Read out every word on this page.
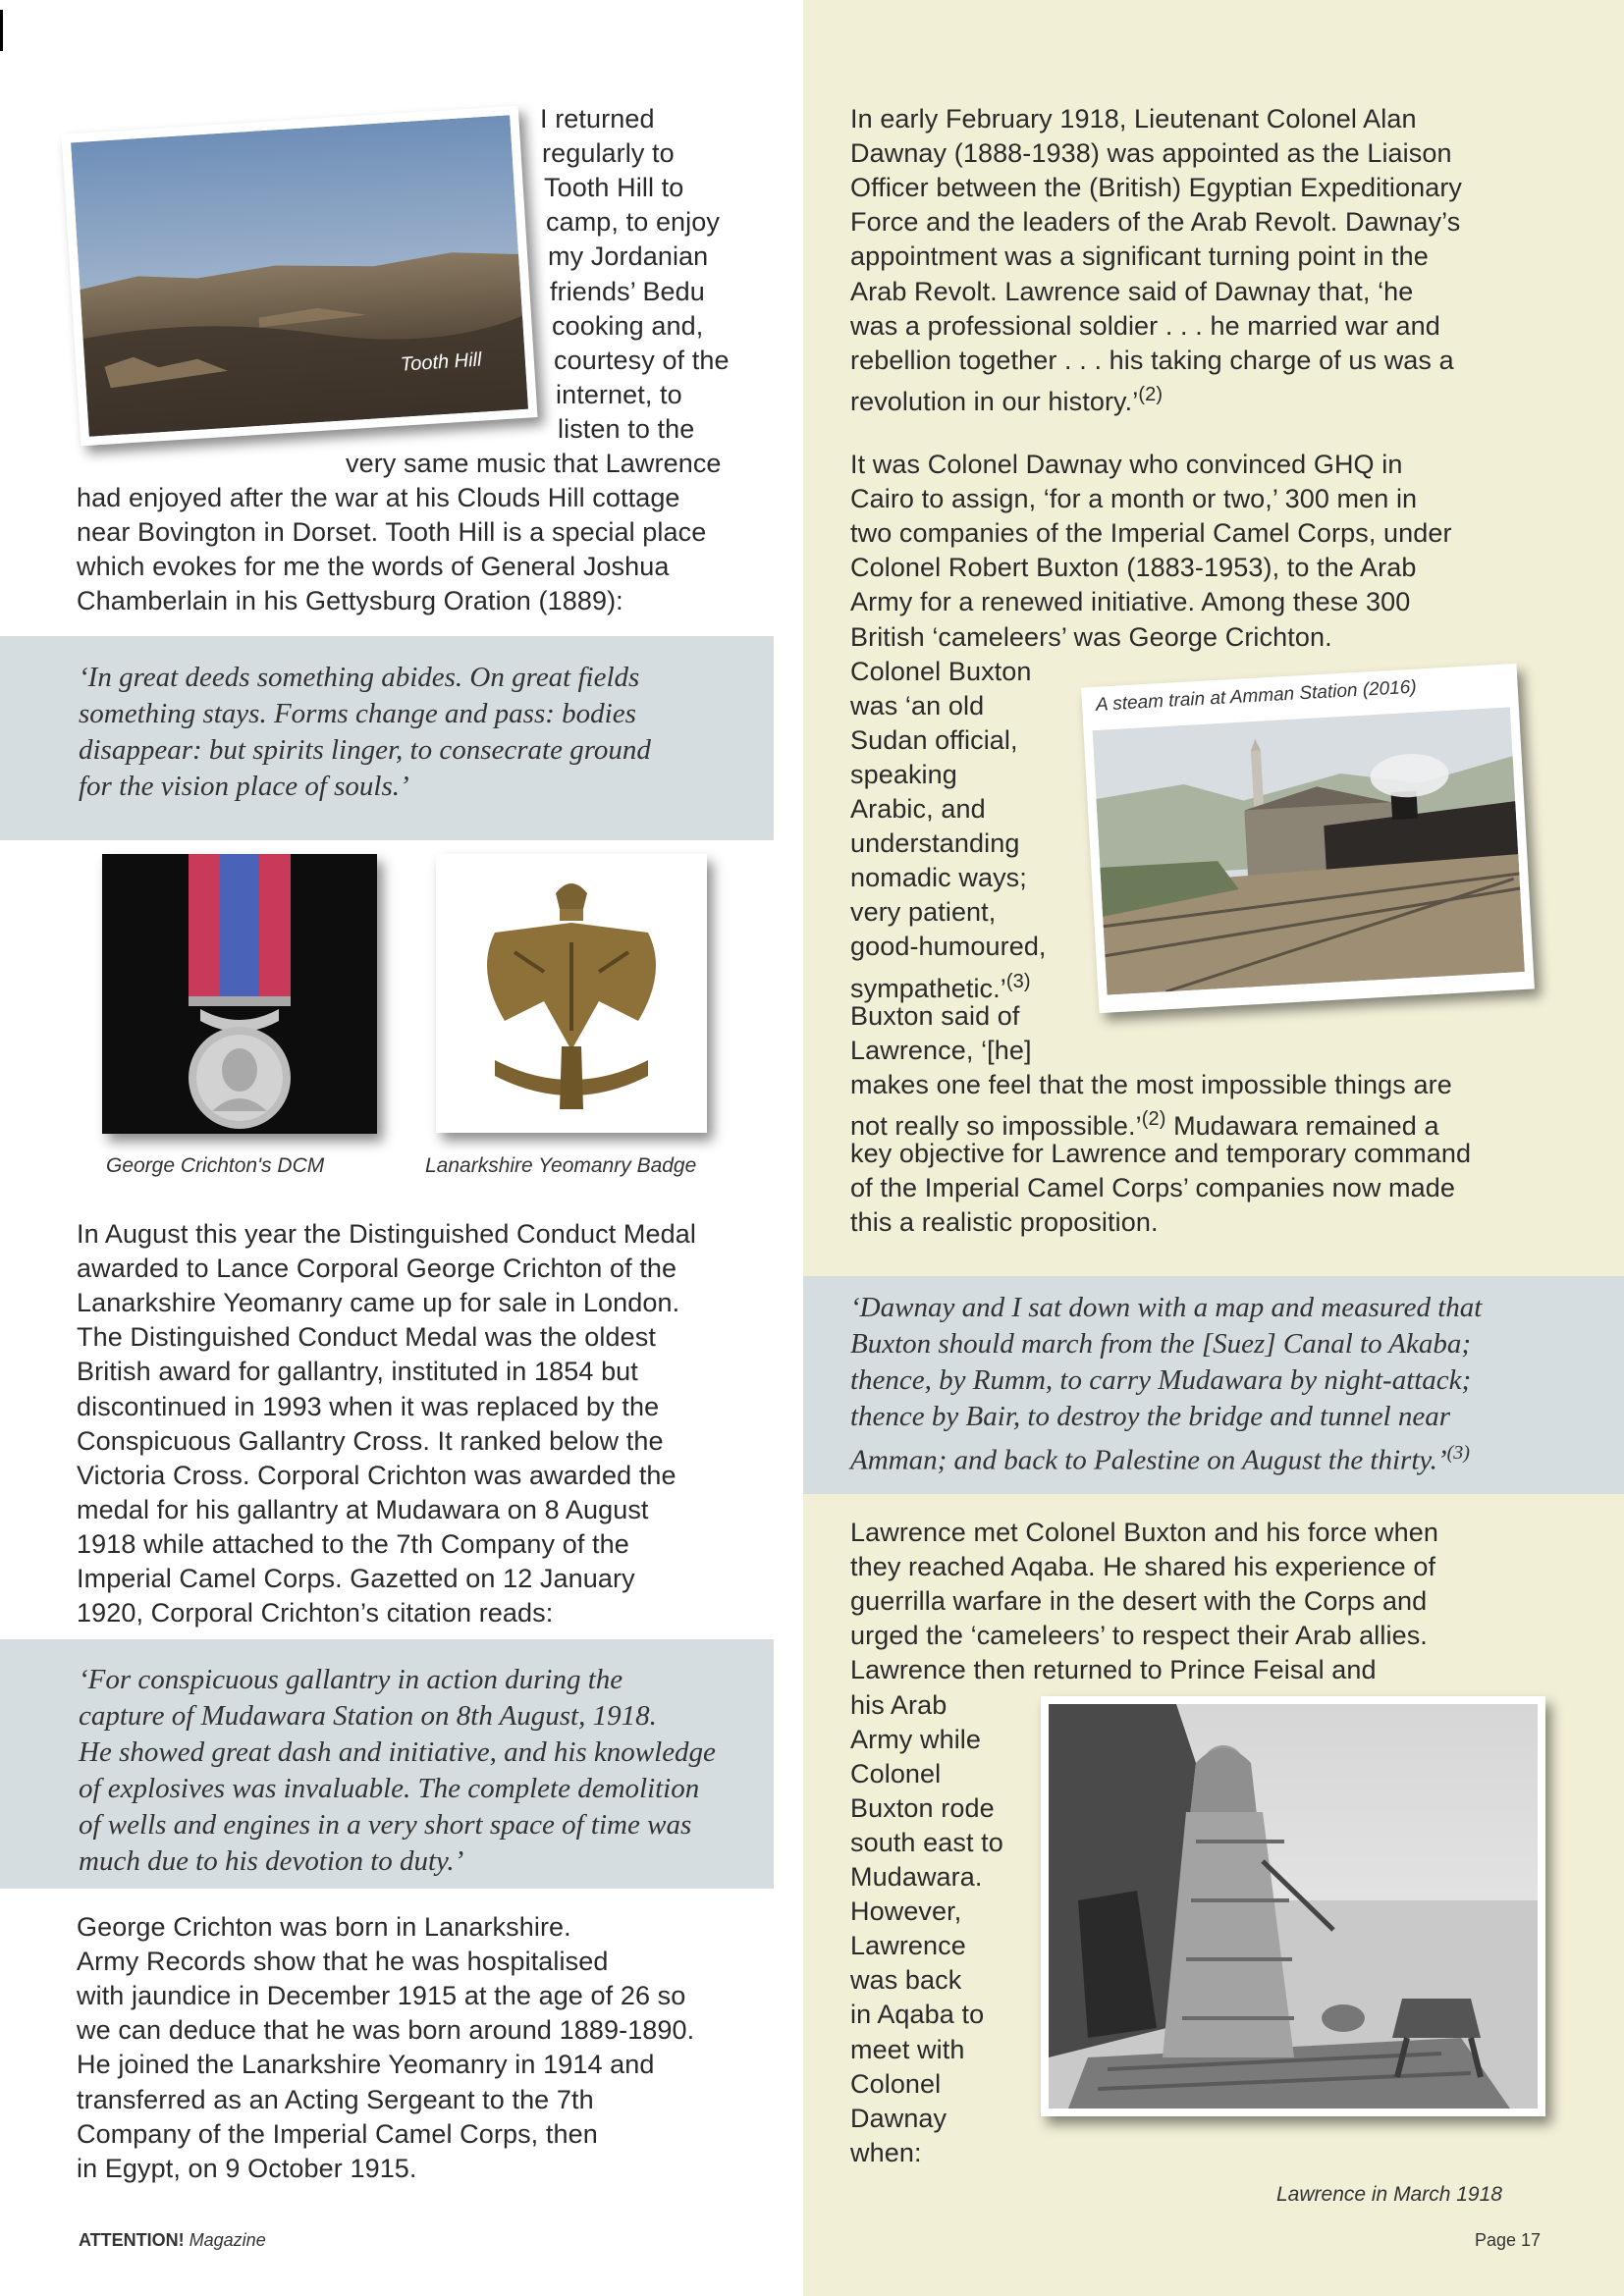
I returned
regularly to
Tooth Hill to
camp, to enjoy
my Jordanian
friends’ Bedu
cooking and,
courtesy of the
internet, to
listen to the
very same music that Lawrence
had enjoyed after the war at his Clouds Hill cottage
near Bovington in Dorset. Tooth Hill is a special place
which evokes for me the words of General Joshua
Chamberlain in his Gettysburg Oration (1889):
‘In great deeds something abides. On great fields
something stays. Forms change and pass: bodies
disappear: but spirits linger, to consecrate ground
for the vision place of souls.’
In August this year the Distinguished Conduct Medal
awarded to Lance Corporal George Crichton of the
Lanarkshire Yeomanry came up for sale in London.
The Distinguished Conduct Medal was the oldest
British award for gallantry, instituted in 1854 but
discontinued in 1993 when it was replaced by the
Conspicuous Gallantry Cross. It ranked below the
Victoria Cross. Corporal Crichton was awarded the
medal for his gallantry at Mudawara on 8 August
1918 while attached to the 7th Company of the
Imperial Camel Corps. Gazetted on 12 January
1920, Corporal Crichton’s citation reads:
‘For conspicuous gallantry in action during the
capture of Mudawara Station on 8th August, 1918.
He showed great dash and initiative, and his knowledge
of explosives was invaluable. The complete demolition
of wells and engines in a very short space of time was
much due to his devotion to duty.’
George Crichton was born in Lanarkshire.
Army Records show that he was hospitalised
with jaundice in December 1915 at the age of 26 so
we can deduce that he was born around 1889-1890.
He joined the Lanarkshire Yeomanry in 1914 and
transferred as an Acting Sergeant to the 7th
Company of the Imperial Camel Corps, then
in Egypt, on 9 October 1915.
Tooth Hill
George Crichton's DCM	Lanarkshire Yeomanry Badge
In early February 1918, Lieutenant Colonel Alan
Dawnay (1888-1938) was appointed as the Liaison
Officer between the (British) Egyptian Expeditionary
Force and the leaders of the Arab Revolt. Dawnay’s
appointment was a significant turning point in the
Arab Revolt. Lawrence said of Dawnay that, ‘he
was a professional soldier . . . he married war and
rebellion together . . . his taking charge of us was a
revolution in our history.’$^{(2)}$
It was Colonel Dawnay who convinced GHQ in
Cairo to assign, ‘for a month or two,’ 300 men in
two companies of the Imperial Camel Corps, under
Colonel Robert Buxton (1883-1953), to the Arab
Army for a renewed initiative. Among these 300
British ‘cameleers’ was George Crichton.
Colonel Buxton
was ‘an old
Sudan official,
speaking
Arabic, and
understanding
nomadic ways;
very patient,
good-humoured,
sympathetic.’$^{(3)}$
Buxton said of
Lawrence, ‘[he]
makes one feel that the most impossible things are
not really so impossible.’$^{(2)}$ Mudawara remained a
key objective for Lawrence and temporary command
of the Imperial Camel Corps’ companies now made
this a realistic proposition.
‘Dawnay and I sat down with a map and measured that
Buxton should march from the [Suez] Canal to Akaba;
thence, by Rumm, to carry Mudawara by night-attack;
thence by Bair, to destroy the bridge and tunnel near
Amman; and back to Palestine on August the thirty.’$^{(3)}$
Lawrence met Colonel Buxton and his force when
they reached Aqaba. He shared his experience of
guerrilla warfare in the desert with the Corps and
urged the ‘cameleers’ to respect their Arab allies.
Lawrence then returned to Prince Feisal and
his Arab
Army while
Colonel
Buxton rode
south east to
Mudawara.
However,
Lawrence
was back
in Aqaba to
meet with
Colonel
Dawnay
when:
A steam train at Amman Station (2016)
Lawrence in March 1918
ATTENTION! Magazine	Page 17
